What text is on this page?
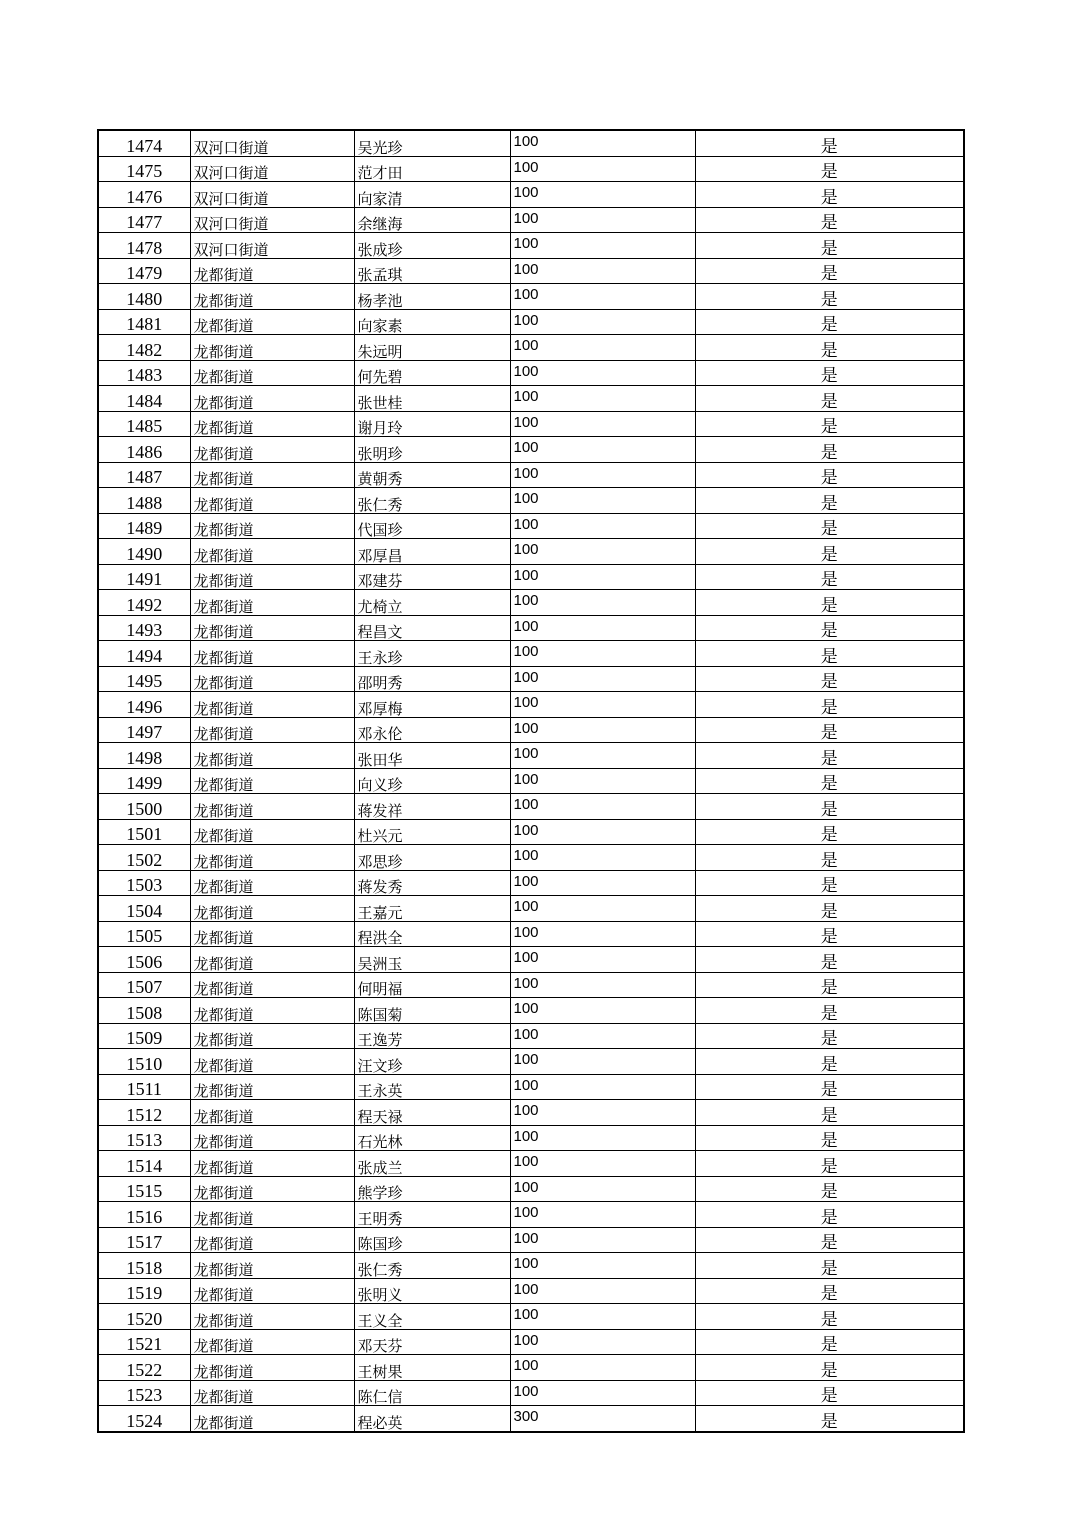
1474	双河口街道	吴光珍	100	是
1475	双河口街道	范才田	100	是
1476	双河口街道	向家清	100	是
1477	双河口街道	余继海	100	是
1478	双河口街道	张成珍	100	是
1479	龙都街道	张孟琪	100	是
1480	龙都街道	杨孝池	100	是
1481	龙都街道	向家素	100	是
1482	龙都街道	朱远明	100	是
1483	龙都街道	何先碧	100	是
1484	龙都街道	张世桂	100	是
1485	龙都街道	谢月玲	100	是
1486	龙都街道	张明珍	100	是
1487	龙都街道	黄朝秀	100	是
1488	龙都街道	张仁秀	100	是
1489	龙都街道	代国珍	100	是
1490	龙都街道	邓厚昌	100	是
1491	龙都街道	邓建芬	100	是
1492	龙都街道	尤椅立	100	是
1493	龙都街道	程昌文	100	是
1494	龙都街道	王永珍	100	是
1495	龙都街道	邵明秀	100	是
1496	龙都街道	邓厚梅	100	是
1497	龙都街道	邓永伦	100	是
1498	龙都街道	张田华	100	是
1499	龙都街道	向义珍	100	是
1500	龙都街道	蒋发祥	100	是
1501	龙都街道	杜兴元	100	是
1502	龙都街道	邓思珍	100	是
1503	龙都街道	蒋发秀	100	是
1504	龙都街道	王嘉元	100	是
1505	龙都街道	程洪全	100	是
1506	龙都街道	吴洲玉	100	是
1507	龙都街道	何明福	100	是
1508	龙都街道	陈国菊	100	是
1509	龙都街道	王逸芳	100	是
1510	龙都街道	汪文珍	100	是
1511	龙都街道	王永英	100	是
1512	龙都街道	程天禄	100	是
1513	龙都街道	石光林	100	是
1514	龙都街道	张成兰	100	是
1515	龙都街道	熊学珍	100	是
1516	龙都街道	王明秀	100	是
1517	龙都街道	陈国珍	100	是
1518	龙都街道	张仁秀	100	是
1519	龙都街道	张明义	100	是
1520	龙都街道	王义全	100	是
1521	龙都街道	邓天芬	100	是
1522	龙都街道	王树果	100	是
1523	龙都街道	陈仁信	100	是
1524	龙都街道	程必英	300	是
